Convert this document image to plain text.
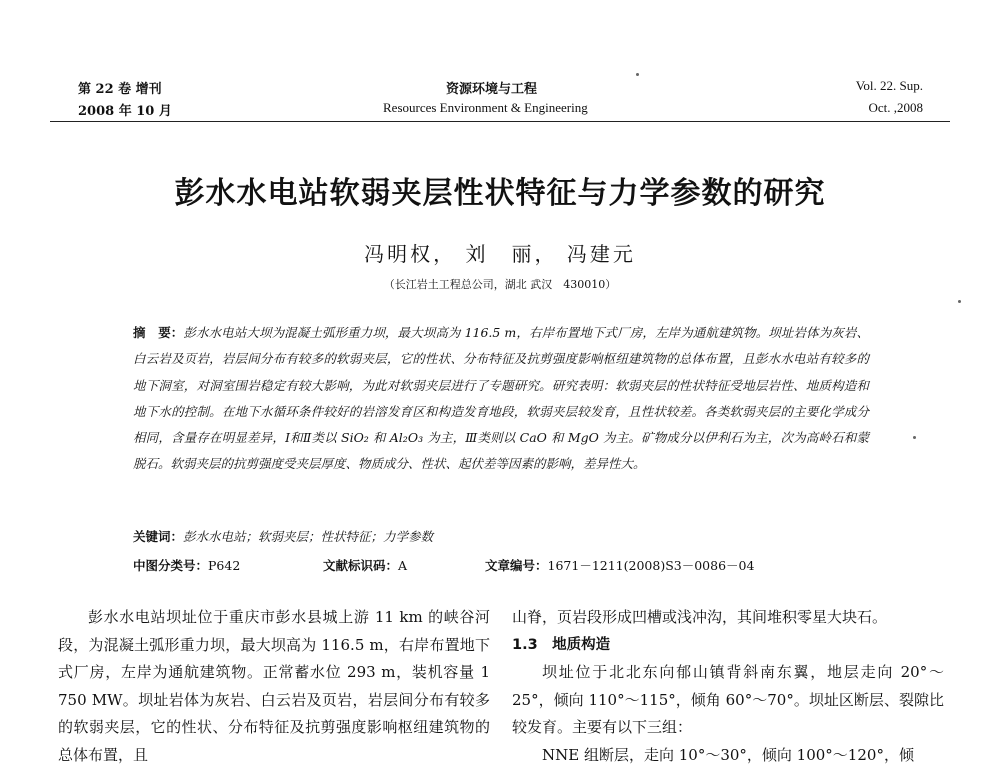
第 22 卷 增刊
2008 年 10 月
资源环境与工程
Resources Environment & Engineering
Vol. 22. Sup.
Oct. ,2008
彭水水电站软弱夹层性状特征与力学参数的研究
冯明权， 刘　丽， 冯建元
（长江岩土工程总公司，湖北 武汉　430010）
摘　要：彭水水电站大坝为混凝土弧形重力坝，最大坝高为 116.5 m，右岸布置地下式厂房，左岸为通航建筑物。坝址岩体为灰岩、白云岩及页岩，岩层间分布有较多的软弱夹层，它的性状、分布特征及抗剪强度影响枢纽建筑物的总体布置，且彭水水电站有较多的地下洞室，对洞室围岩稳定有较大影响，为此对软弱夹层进行了专题研究。研究表明：软弱夹层的性状特征受地层岩性、地质构造和地下水的控制。在地下水循环条件较好的岩溶发育区和构造发育地段，软弱夹层较发育，且性状较差。各类软弱夹层的主要化学成分相同，含量存在明显差异，Ⅰ和Ⅱ类以 SiO₂ 和 Al₂O₃ 为主，Ⅲ类则以 CaO 和 MgO 为主。矿物成分以伊利石为主，次为高岭石和蒙脱石。软弱夹层的抗剪强度受夹层厚度、物质成分、性状、起伏差等因素的影响，差异性大。
关键词：彭水水电站；软弱夹层；性状特征；力学参数
中图分类号：P642	文献标识码：A	文章编号：1671－1211(2008)S3－0086－04

彭水水电站坝址位于重庆市彭水县城上游 11 km 的峡谷河段，为混凝土弧形重力坝，最大坝高为 116.5 m，右岸布置地下式厂房，左岸为通航建筑物。正常蓄水位 293 m，装机容量 1 750 MW。坝址岩体为灰岩、白云岩及页岩，岩层间分布有较多的软弱夹层，它的性状、分布特征及抗剪强度影响枢纽建筑物的总体布置，且

山脊，页岩段形成凹槽或浅冲沟，其间堆积零星大块石。

1.3　地质构造

坝址位于北北东向郁山镇背斜南东翼，地层走向 20°～25°，倾向 110°～115°，倾角 60°～70°。坝址区断层、裂隙比较发育。主要有以下三组：

NNE 组断层，走向 10°～30°，倾向 100°～120°，倾
